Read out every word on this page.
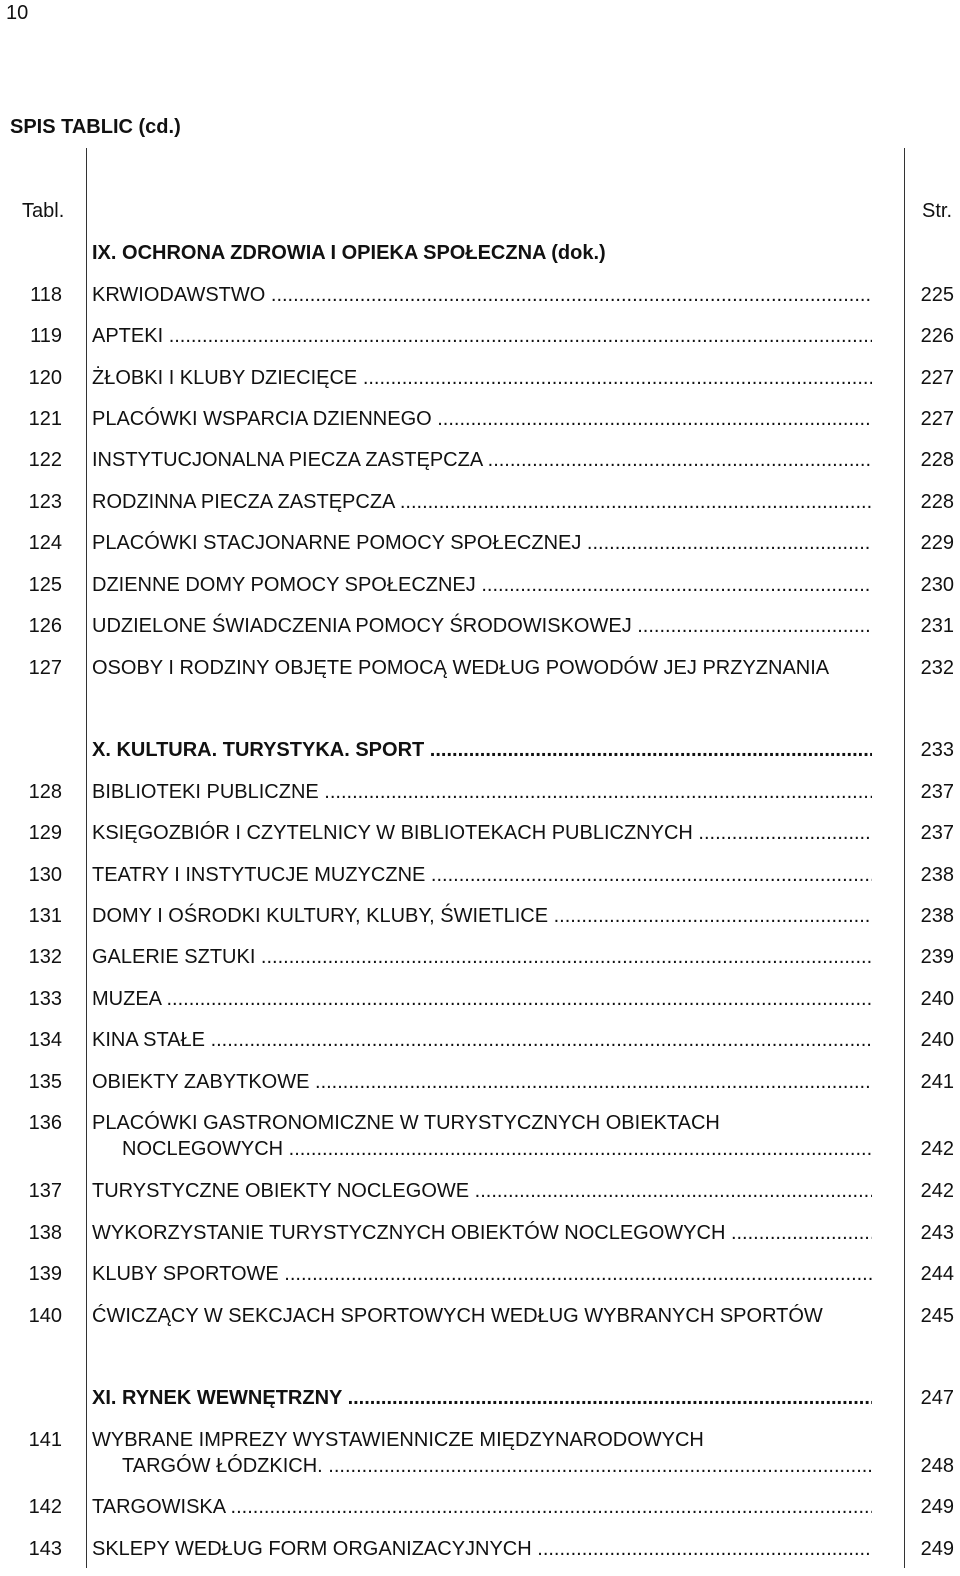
10
SPIS TABLIC (cd.)
Tabl.	Str.
IX. OCHRONA ZDROWIA I OPIEKA SPOŁECZNA (dok.)
118 KRWIODAWSTWO .....	225
119 APTEKI .....	226
120 ŻŁOBKI I KLUBY DZIECIĘCE .....	227
121 PLACÓWKI WSPARCIA DZIENNEGO .....	227
122 INSTYTUCJONALNA PIECZA ZASTĘPCZA .....	228
123 RODZINNA PIECZA ZASTĘPCZA .....	228
124 PLACÓWKI STACJONARNE POMOCY SPOŁECZNEJ .....	229
125 DZIENNE DOMY POMOCY SPOŁECZNEJ .....	230
126 UDZIELONE ŚWIADCZENIA POMOCY ŚRODOWISKOWEJ .....	231
127 OSOBY I RODZINY OBJĘTE POMOCĄ WEDŁUG POWODÓW JEJ PRZYZNANIA	232
X. KULTURA. TURYSTYKA. SPORT .....	233
128 BIBLIOTEKI PUBLICZNE .....	237
129 KSIĘGOZBIÓR I CZYTELNICY W BIBLIOTEKACH PUBLICZNYCH .....	237
130 TEATRY I INSTYTUCJE MUZYCZNE .....	238
131 DOMY I OŚRODKI KULTURY, KLUBY, ŚWIETLICE .....	238
132 GALERIE SZTUKI .....	239
133 MUZEA .....	240
134 KINA STAŁE .....	240
135 OBIEKTY ZABYTKOWE .....	241
136 PLACÓWKI GASTRONOMICZNE W TURYSTYCZNYCH OBIEKTACH
NOCLEGOWYCH .....	242
137 TURYSTYCZNE OBIEKTY NOCLEGOWE .....	242
138 WYKORZYSTANIE TURYSTYCZNYCH OBIEKTÓW NOCLEGOWYCH .....	243
139 KLUBY SPORTOWE .....	244
140 ĆWICZĄCY W SEKCJACH SPORTOWYCH WEDŁUG WYBRANYCH SPORTÓW	245
XI. RYNEK WEWNĘTRZNY .....	247
141 WYBRANE IMPREZY WYSTAWIENNICZE MIĘDZYNARODOWYCH
TARGÓW ŁÓDZKICH. .....	248
142 TARGOWISKA .....	249
143 SKLEPY WEDŁUG FORM ORGANIZACYJNYCH .....	249
